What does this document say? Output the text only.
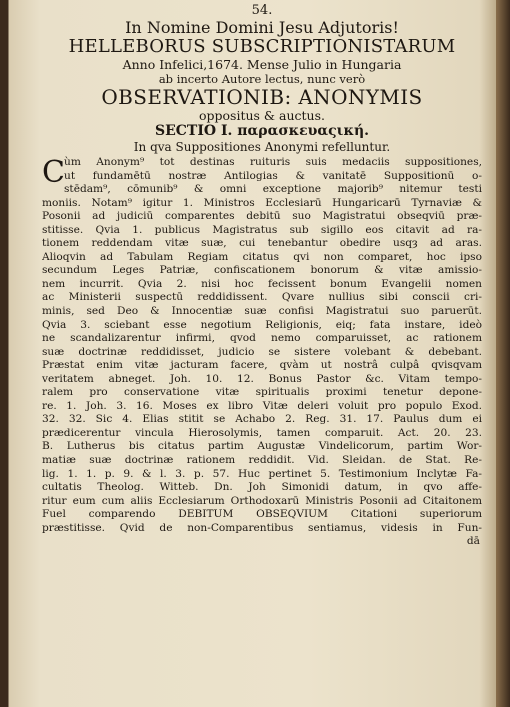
54.
In Nomine Domini Jesu Adjutoris!
HELLEBORUS SUBSCRIPTIONISTARUM
Anno Infelici,1674. Mense Julio in Hungaria
ab incerto Autore lectus, nunc verò
OBSERVATIONIB: ANONYMIS
oppositus & auctus.
SECTIO I. παρασκευαςική.
In qva Suppositiones Anonymi refelluntur.
C ùm Anonym⁹ tot destinas ruituris suis medaciis suppositiones,
ut fundamētū nostræ Antilogias & vanitatē Suppositionū o-
stēdam⁹, cōmunib⁹ & omni exceptione majorib⁹ nitemur testi
moniis. Notam⁹ igitur 1. Ministros Ecclesiarū Hungaricarū Tyrnaviæ &
Posonii ad judiciū comparentes debitū suo Magistratui obseqviū præ-
stitisse. Qvia 1. publicus Magistratus sub sigillo eos citavit ad ra-
tionem reddendam vitæ suæ, cui tenebantur obedire usqȝ ad aras.
Alioqvin ad Tabulam Regiam citatus qvi non comparet, hoc ipso
secundum Leges Patriæ, confiscationem bonorum & vitæ amissio-
nem incurrit. Qvia 2. nisi hoc fecissent bonum Evangelii nomen
ac Ministerii suspectū reddidissent. Qvare nullius sibi conscii cri-
minis, sed Deo & Innocentiæ suæ confisi Magistratui suo paruerūt.
Qvia 3. sciebant esse negotium Religionis, eiq; fata instare, ideò
ne scandalizarentur infirmi, qvod nemo comparuisset, ac rationem
suæ doctrinæ reddidisset, judicio se sistere volebant & debebant.
Præstat enim vitæ jacturam facere, qvàm ut nostrâ culpâ qvisqvam
veritatem abneget. Joh. 10. 12. Bonus Pastor &c. Vitam tempo-
ralem pro conservatione vitæ spiritualis proximi tenetur depone-
re. 1. Joh. 3. 16. Moses ex libro Vitæ deleri voluit pro populo Exod.
32. 32. Sic 4. Elias stitit se Achabo 2. Reg. 31. 17. Paulus dum ei
prædicerentur vincula Hierosolymis, tamen comparuit. Act. 20. 23.
B. Lutherus bis citatus partim Augustæ Vindelicorum, partim Wor-
matiæ suæ doctrinæ rationem reddidit. Vid. Sleidan. de Stat. Re-
lig. 1. 1. p. 9. & l. 3. p. 57. Huc pertinet 5. Testimonium Inclytæ Fa-
cultatis Theolog. Witteb. Dn. Joh Simonidi datum, in qvo affe-
ritur eum cum aliis Ecclesiarum Orthodoxarū Ministris Posonii ad Citaitonem
Fuel comparendo DEBITUM OBSEQVIUM Citationi superiorum
præstitisse. Qvid de non-Comparentibus sentiamus, videsis in Fun-
dā
